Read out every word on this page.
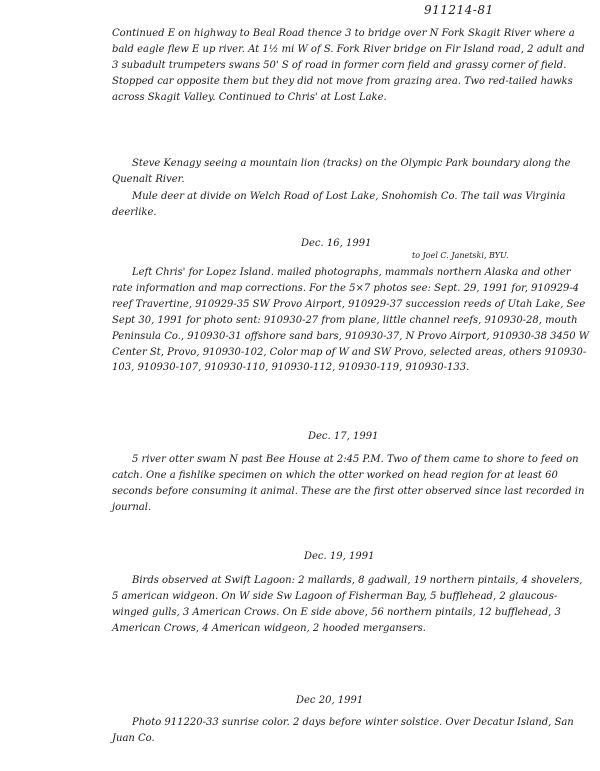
911214-81

Continued E on highway to Beal Road thence 3 to bridge over N Fork Skagit River where a bald eagle flew E up river. At 1½ mi W of S. Fork River bridge on Fir Island road, 2 adult and 3 subadult trumpeters swans 50' S of road in former corn field and grassy corner of field. Stopped car opposite them but they did not move from grazing area. Two red-tailed hawks across Skagit Valley. Continued to Chris' at Lost Lake.

Steve Kenagy seeing a mountain lion (tracks) on the Olympic Park boundary along the Quenalt River.

Mule deer at divide on Welch Road of Lost Lake, Snohomish Co. The tail was Virginia deerlike.

Dec. 16, 1991
to Joel C. Janetski, BYU.

Left Chris' for Lopez Island. mailed photographs, mammals northern Alaska and other rate information and map corrections. For the 5×7 photos see: Sept. 29, 1991 for, 910929-4 reef Travertine, 910929-35 SW Provo Airport, 910929-37 succession reeds of Utah Lake, See Sept 30, 1991 for photo sent: 910930-27 from plane, little channel reefs, 910930-28, mouth Peninsula Co., 910930-31 offshore sand bars, 910930-37, N Provo Airport, 910930-38 3450 W Center St, Provo, 910930-102, Color map of W and SW Provo, selected areas, others 910930-103, 910930-107, 910930-110, 910930-112, 910930-119, 910930-133.

Dec. 17, 1991

5 river otter swam N past Bee House at 2:45 P.M. Two of them came to shore to feed on catch. One a fishlike specimen on which the otter worked on head region for at least 60 seconds before consuming it animal. These are the first otter observed since last recorded in journal.

Dec. 19, 1991

Birds observed at Swift Lagoon: 2 mallards, 8 gadwall, 19 northern pintails, 4 shovelers, 5 american widgeon. On W side Sw Lagoon of Fisherman Bay, 5 bufflehead, 2 glaucous-winged gulls, 3 American Crows. On E side above, 56 northern pintails, 12 bufflehead, 3 American Crows, 4 American widgeon, 2 hooded mergansers.

Dec 20, 1991

Photo 911220-33 sunrise color. 2 days before winter solstice. Over Decatur Island, San Juan Co.
